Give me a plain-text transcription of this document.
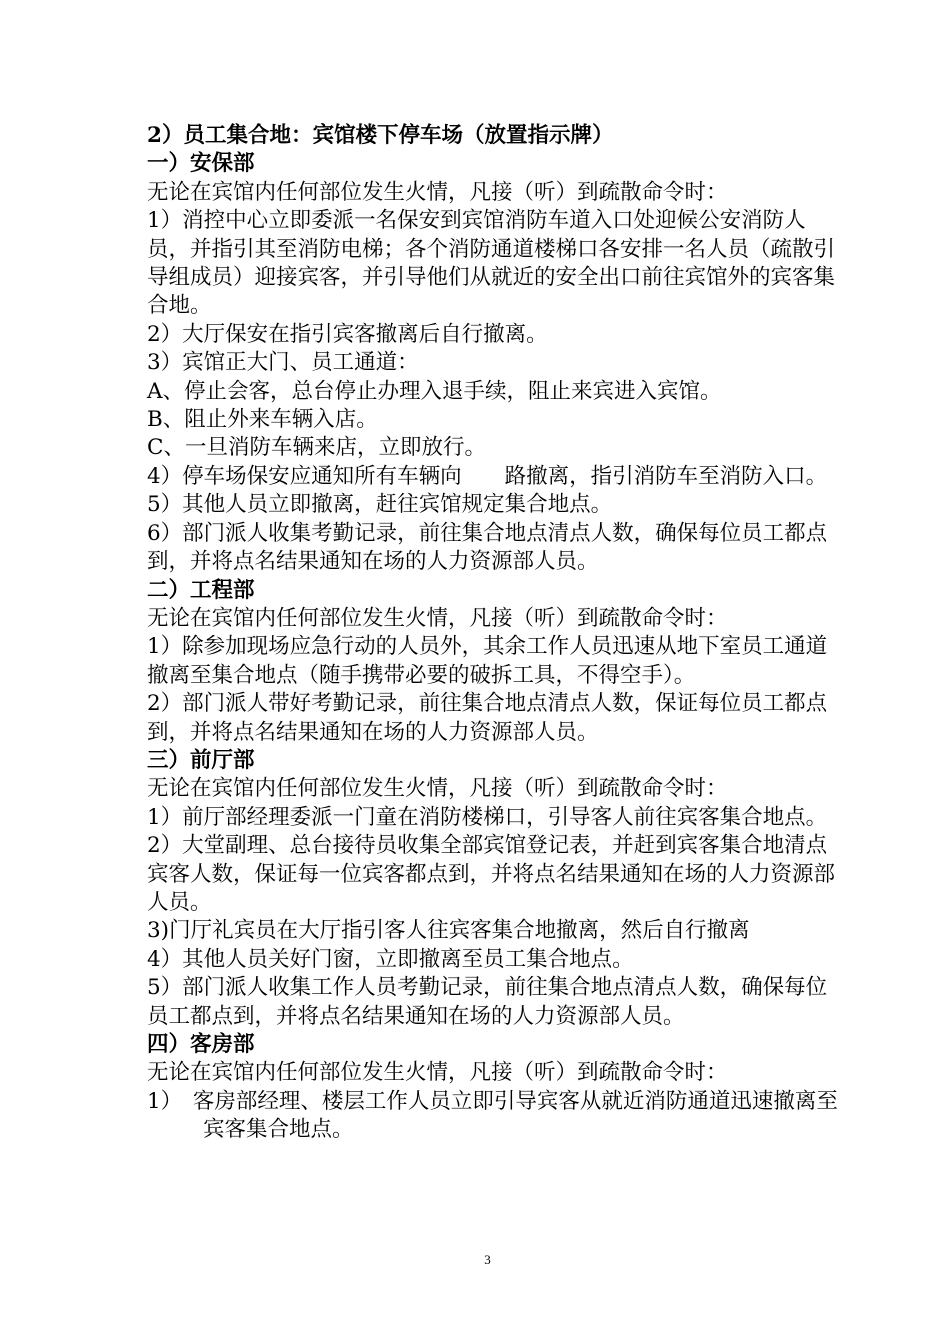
2）员工集合地：宾馆楼下停车场（放置指示牌）

一）安保部

无论在宾馆内任何部位发生火情，凡接（听）到疏散命令时：

1）消控中心立即委派一名保安到宾馆消防车道入口处迎候公安消防人员，并指引其至消防电梯；各个消防通道楼梯口各安排一名人员（疏散引导组成员）迎接宾客，并引导他们从就近的安全出口前往宾馆外的宾客集合地。

2）大厅保安在指引宾客撤离后自行撤离。

3）宾馆正大门、员工通道：

A、停止会客，总台停止办理入退手续，阻止来宾进入宾馆。

B、阻止外来车辆入店。

C、一旦消防车辆来店，立即放行。

4）停车场保安应通知所有车辆向　　路撤离，指引消防车至消防入口。

5）其他人员立即撤离，赶往宾馆规定集合地点。

6）部门派人收集考勤记录，前往集合地点清点人数，确保每位员工都点到，并将点名结果通知在场的人力资源部人员。

二）工程部

无论在宾馆内任何部位发生火情，凡接（听）到疏散命令时：

1）除参加现场应急行动的人员外，其余工作人员迅速从地下室员工通道撤离至集合地点（随手携带必要的破拆工具，不得空手）。

2）部门派人带好考勤记录，前往集合地点清点人数，保证每位员工都点到，并将点名结果通知在场的人力资源部人员。

三）前厅部

无论在宾馆内任何部位发生火情，凡接（听）到疏散命令时：

1）前厅部经理委派一门童在消防楼梯口，引导客人前往宾客集合地点。

2）大堂副理、总台接待员收集全部宾馆登记表，并赶到宾客集合地清点宾客人数，保证每一位宾客都点到，并将点名结果通知在场的人力资源部人员。

3)门厅礼宾员在大厅指引客人往宾客集合地撤离，然后自行撤离

4）其他人员关好门窗，立即撤离至员工集合地点。

5）部门派人收集工作人员考勤记录，前往集合地点清点人数，确保每位员工都点到，并将点名结果通知在场的人力资源部人员。

四）客房部

无论在宾馆内任何部位发生火情，凡接（听）到疏散命令时：

1）　客房部经理、楼层工作人员立即引导宾客从就近消防通道迅速撤离至宾客集合地点。

3
